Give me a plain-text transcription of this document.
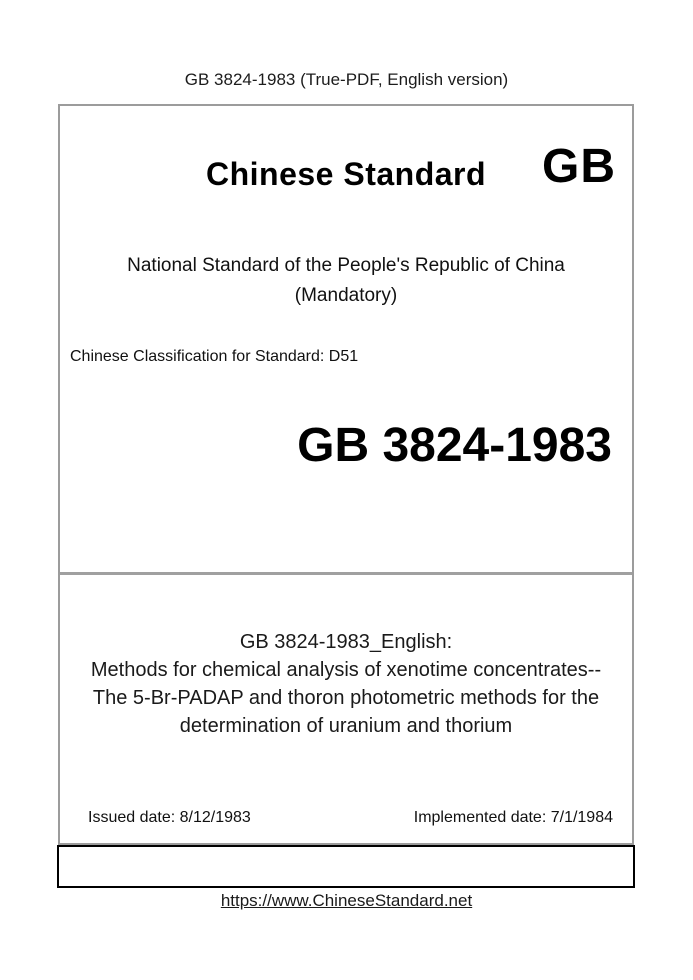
GB 3824-1983 (True-PDF, English version)
Chinese Standard	GB
National Standard of the People's Republic of China
(Mandatory)
Chinese Classification for Standard: D51
GB 3824-1983
GB 3824-1983_English:
Methods for chemical analysis of xenotime concentrates--
The 5-Br-PADAP and thoron photometric methods for the
determination of uranium and thorium
Issued date: 8/12/1983	Implemented date: 7/1/1984
https://www.ChineseStandard.net
